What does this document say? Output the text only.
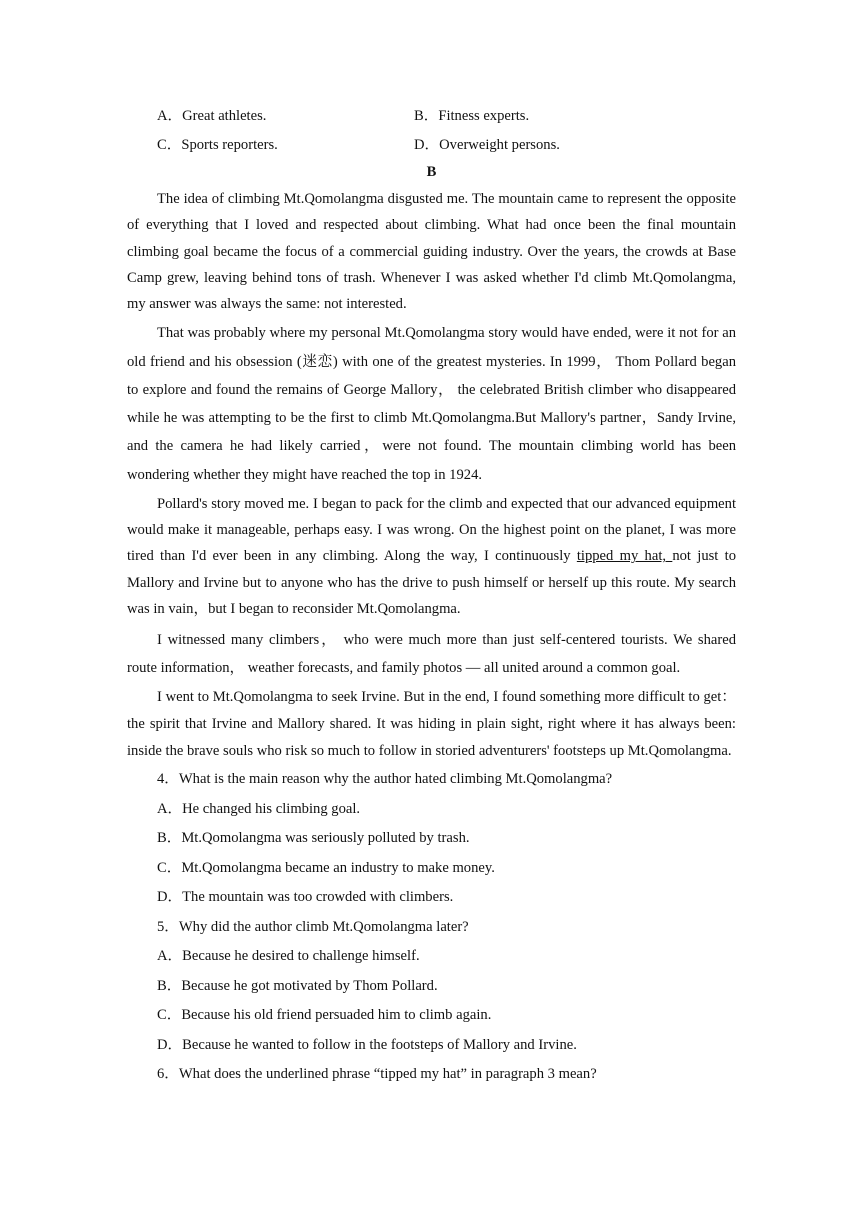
A．Great athletes.	B．Fitness experts.
C．Sports reporters.	D．Overweight persons.
B

The idea of climbing Mt.Qomolangma disgusted me. The mountain came to represent the opposite of everything that I loved and respected about climbing. What had once been the final mountain climbing goal became the focus of a commercial guiding industry. Over the years, the crowds at Base Camp grew, leaving behind tons of trash. Whenever I was asked whether I'd climb Mt.Qomolangma, my answer was always the same: not interested.

That was probably where my personal Mt.Qomolangma story would have ended, were it not for an old friend and his obsession (迷恋) with one of the greatest mysteries. In 1999， Thom Pollard began to explore and found the remains of George Mallory， the celebrated British climber who disappeared while he was attempting to be the first to climb Mt.Qomolangma.But Mallory's partner，Sandy Irvine, and the camera he had likely carried，were not found. The mountain climbing world has been wondering whether they might have reached the top in 1924.

Pollard's story moved me. I began to pack for the climb and expected that our advanced equipment would make it manageable, perhaps easy. I was wrong. On the highest point on the planet, I was more tired than I'd ever been in any climbing. Along the way, I continuously tipped my hat, not just to Mallory and Irvine but to anyone who has the drive to push himself or herself up this route. My search was in vain，but I began to reconsider Mt.Qomolangma.

I witnessed many climbers， who were much more than just self-centered tourists. We shared route information， weather forecasts, and family photos — all united around a common goal.

I went to Mt.Qomolangma to seek Irvine. But in the end, I found something more difficult to get：the spirit that Irvine and Mallory shared. It was hiding in plain sight, right where it has always been: inside the brave souls who risk so much to follow in storied adventurers' footsteps up Mt.Qomolangma.

4．What is the main reason why the author hated climbing Mt.Qomolangma?

A．He changed his climbing goal.

B．Mt.Qomolangma was seriously polluted by trash.

C．Mt.Qomolangma became an industry to make money.

D．The mountain was too crowded with climbers.

5．Why did the author climb Mt.Qomolangma later?

A．Because he desired to challenge himself.

B．Because he got motivated by Thom Pollard.

C．Because his old friend persuaded him to climb again.

D．Because he wanted to follow in the footsteps of Mallory and Irvine.

6．What does the underlined phrase “tipped my hat” in paragraph 3 mean?
